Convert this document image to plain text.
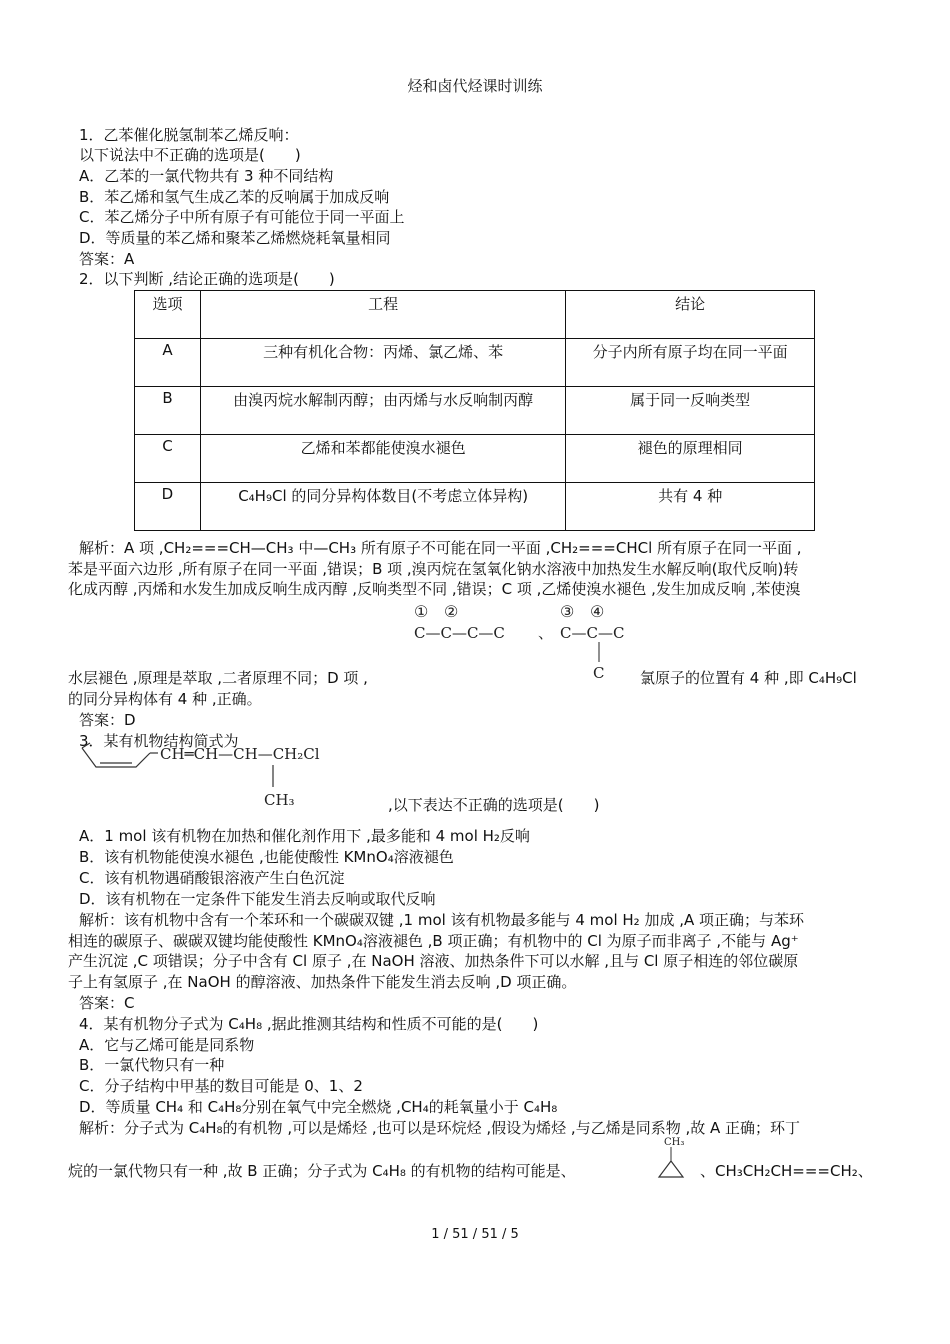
烃和卤代烃课时训练
1．乙苯催化脱氢制苯乙烯反响：
以下说法中不正确的选项是(　　)
A．乙苯的一氯代物共有 3 种不同结构
B．苯乙烯和氢气生成乙苯的反响属于加成反响
C．苯乙烯分子中所有原子有可能位于同一平面上
D．等质量的苯乙烯和聚苯乙烯燃烧耗氧量相同
答案：A
2．以下判断 ,结论正确的选项是(　　)
选项	工程	结论
A	三种有机化合物：丙烯、氯乙烯、苯	分子内所有原子均在同一平面
B	由溴丙烷水解制丙醇；由丙烯与水反响制丙醇	属于同一反响类型
C	乙烯和苯都能使溴水褪色	褪色的原理相同
D	C₄H₉Cl 的同分异构体数目(不考虑立体异构)	共有 4 种
解析：A 项 ,CH₂===CH—CH₃ 中—CH₃ 所有原子不可能在同一平面 ,CH₂===CHCl 所有原子在同一平面 ,
苯是平面六边形 ,所有原子在同一平面 ,错误；B 项 ,溴丙烷在氢氧化钠水溶液中加热发生水解反响(取代反响)转
化成丙醇 ,丙烯和水发生加成反响生成丙醇 ,反响类型不同 ,错误；C 项 ,乙烯使溴水褪色 ,发生加成反响 ,苯使溴
① ②
C—C—C—C 、
③ ④
C—C—C
C
水层褪色 ,原理是萃取 ,二者原理不同；D 项 ,	氯原子的位置有 4 种 ,即 C₄H₉Cl
的同分异构体有 4 种 ,正确。
答案：D
3．某有机物结构简式为
CH═CH—CH—CH₂Cl
CH₃	,以下表达不正确的选项是(　　)
A．1 mol 该有机物在加热和催化剂作用下 ,最多能和 4 mol H₂反响
B．该有机物能使溴水褪色 ,也能使酸性 KMnO₄溶液褪色
C．该有机物遇硝酸银溶液产生白色沉淀
D．该有机物在一定条件下能发生消去反响或取代反响
解析：该有机物中含有一个苯环和一个碳碳双键 ,1 mol 该有机物最多能与 4 mol H₂ 加成 ,A 项正确；与苯环
相连的碳原子、碳碳双键均能使酸性 KMnO₄溶液褪色 ,B 项正确；有机物中的 Cl 为原子而非离子 ,不能与 Ag⁺
产生沉淀 ,C 项错误；分子中含有 Cl 原子 ,在 NaOH 溶液、加热条件下可以水解 ,且与 Cl 原子相连的邻位碳原
子上有氢原子 ,在 NaOH 的醇溶液、加热条件下能发生消去反响 ,D 项正确。
答案：C
4．某有机物分子式为 C₄H₈ ,据此推测其结构和性质不可能的是(　　)
A．它与乙烯可能是同系物
B．一氯代物只有一种
C．分子结构中甲基的数目可能是 0、1、2
D．等质量 CH₄ 和 C₄H₈分别在氧气中完全燃烧 ,CH₄的耗氧量小于 C₄H₈
解析：分子式为 C₄H₈的有机物 ,可以是烯烃 ,也可以是环烷烃 ,假设为烯烃 ,与乙烯是同系物 ,故 A 正确；环丁
烷的一氯代物只有一种 ,故 B 正确；分子式为 C₄H₈ 的有机物的结构可能是、
CH₃
、CH₃CH₂CH===CH₂、
1 / 51 / 51 / 5
